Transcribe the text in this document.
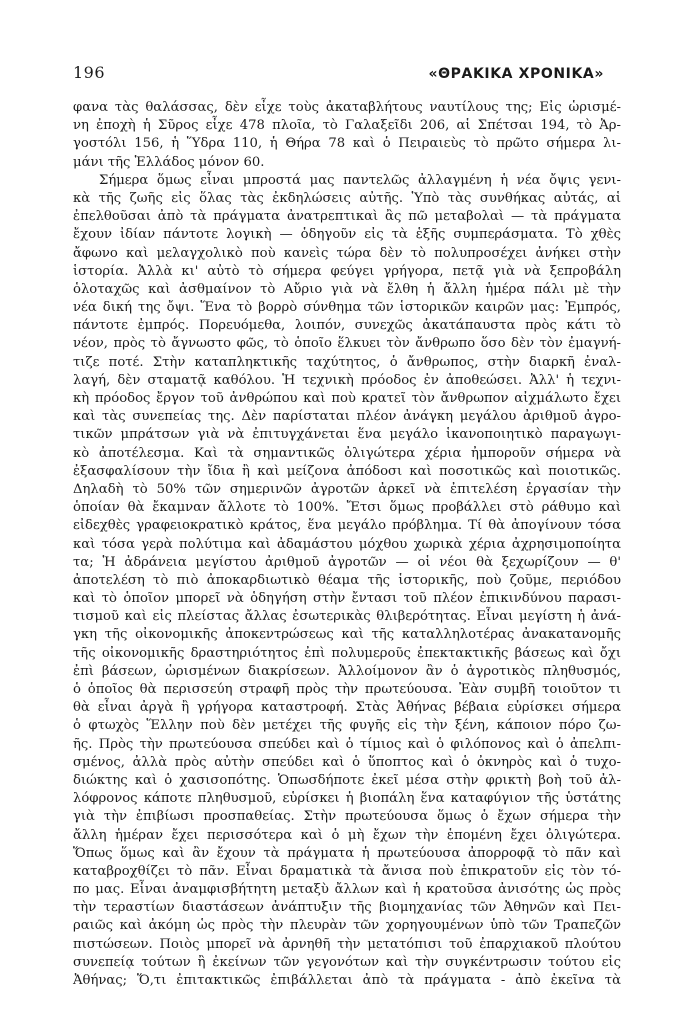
196	«ΘΡΑΚΙΚΑ ΧΡΟΝΙΚΑ»
φανα τὰς θαλάσσας, δὲν εἶχε τοὺς ἀκαταβλήτους ναυτίλους της; Εἰς ὡρισμέ-
νη ἐποχὴ ἡ Σῦρος εἶχε 478 πλοῖα, τὸ Γαλαξεῖδι 206, αἱ Σπέτσαι 194, τὸ Ἀρ-
γοστόλι 156, ἡ Ὕδρα 110, ἡ Θήρα 78 καὶ ὁ Πειραιεὺς τὸ πρῶτο σήμερα λι-
μάνι τῆς Ἑλλάδος μόνον 60.
Σήμερα ὅμως εἶναι μπροστά μας παντελῶς ἀλλαγμένη ἡ νέα ὄψις γενι-
κὰ τῆς ζωῆς εἰς ὅλας τὰς ἐκδηλώσεις αὐτῆς. Ὑπὸ τὰς συνθήκας αὐτάς, αἱ
ἐπελθοῦσαι ἀπὸ τὰ πράγματα ἀνατρεπτικαὶ ἂς πῶ μεταβολαὶ — τὰ πράγματα
ἔχουν ἰδίαν πάντοτε λογικὴ — ὁδηγοῦν εἰς τὰ ἑξῆς συμπεράσματα. Τὸ χθὲς
ἄφωνο καὶ μελαγχολικὸ ποὺ κανεὶς τώρα δὲν τὸ πολυπροσέχει ἀνήκει στὴν
ἱστορία. Ἀλλὰ κι' αὐτὸ τὸ σήμερα φεύγει γρήγορα, πετᾷ γιὰ νὰ ξεπροβάλη
ὁλοταχῶς καὶ ἀσθμαίνον τὸ Αὔριο γιὰ νὰ ἔλθη ἡ ἄλλη ἡμέρα πάλι μὲ τὴν
νέα δική της ὄψι. Ἕνα τὸ βορρὸ σύνθημα τῶν ἱστορικῶν καιρῶν μας: Ἐμπρός,
πάντοτε ἐμπρός. Πορευόμεθα, λοιπόν, συνεχῶς ἀκατάπαυστα πρὸς κάτι τὸ
νέον, πρὸς τὸ ἄγνωστο φῶς, τὸ ὁποῖο ἕλκυει τὸν ἄνθρωπο ὅσο δὲν τὸν ἐμαγνή-
τιζε ποτέ. Στὴν καταπληκτικῆς ταχύτητος, ὁ ἄνθρωπος, στὴν διαρκῆ ἐναλ-
λαγή, δὲν σταματᾷ καθόλου. Ἡ τεχνικὴ πρόοδος ἐν ἀποθεώσει. Ἀλλ' ἡ τεχνι-
κὴ πρόοδος ἔργον τοῦ ἀνθρώπου καὶ ποὺ κρατεῖ τὸν ἄνθρωπον αἰχμάλωτο ἔχει
καὶ τὰς συνεπείας της. Δὲν παρίσταται πλέον ἀνάγκη μεγάλου ἀριθμοῦ ἀγρο-
τικῶν μπράτσων γιὰ νὰ ἐπιτυγχάνεται ἕνα μεγάλο ἱκανοποιητικὸ παραγωγι-
κὸ ἀποτέλεσμα. Καὶ τὰ σημαντικῶς ὀλιγώτερα χέρια ἠμποροῦν σήμερα νὰ
ἐξασφαλίσουν τὴν ἴδια ἢ καὶ μείζονα ἀπόδοσι καὶ ποσοτικῶς καὶ ποιοτικῶς.
Δηλαδὴ τὸ 50% τῶν σημερινῶν ἀγροτῶν ἀρκεῖ νὰ ἐπιτελέση ἐργασίαν τὴν
ὁποίαν θὰ ἔκαμναν ἄλλοτε τὸ 100%. Ἔτσι ὅμως προβάλλει στὸ ράθυμο καὶ
εἰδεχθὲς γραφειοκρατικὸ κράτος, ἕνα μεγάλο πρόβλημα. Τί θὰ ἀπογίνουν τόσα
καὶ τόσα γερὰ πολύτιμα καὶ ἀδαμάστου μόχθου χωρικὰ χέρια ἀχρησιμοποίητα
τα; Ἡ ἀδράνεια μεγίστου ἀριθμοῦ ἀγροτῶν — οἱ νέοι θὰ ξεχωρίζουν — θ'
ἀποτελέση τὸ πιὸ ἀποκαρδιωτικὸ θέαμα τῆς ἱστορικῆς, ποὺ ζοῦμε, περιόδου
καὶ τὸ ὁποῖον μπορεῖ νὰ ὁδηγήση στὴν ἔντασι τοῦ πλέον ἐπικινδύνου παρασι-
τισμοῦ καὶ εἰς πλείστας ἄλλας ἐσωτερικὰς θλιβερότητας. Εἶναι μεγίστη ἡ ἀνά-
γκη τῆς οἰκονομικῆς ἀποκεντρώσεως καὶ τῆς καταλληλοτέρας ἀνακατανομῆς
τῆς οἰκονομικῆς δραστηριότητος ἐπὶ πολυμεροῦς ἐπεκτακτικῆς βάσεως καὶ ὄχι
ἐπὶ βάσεων, ὡρισμένων διακρίσεων. Ἀλλοίμονον ἂν ὁ ἀγροτικὸς πληθυσμός,
ὁ ὁποῖος θὰ περισσεύη στραφῆ πρὸς τὴν πρωτεύουσα. Ἐὰν συμβῆ τοιοῦτον τι
θὰ εἶναι ἀργὰ ἢ γρήγορα καταστροφή. Στὰς Ἀθήνας βέβαια εὑρίσκει σήμερα
ὁ φτωχὸς Ἕλλην ποὺ δὲν μετέχει τῆς φυγῆς εἰς τὴν ξένη, κάποιον πόρο ζω-
ῆς. Πρὸς τὴν πρωτεύουσα σπεύδει καὶ ὁ τίμιος καὶ ὁ φιλόπονος καὶ ὁ ἀπελπι-
σμένος, ἀλλὰ πρὸς αὐτὴν σπεύδει καὶ ὁ ὕποπτος καὶ ὁ ὀκνηρὸς καὶ ὁ τυχο-
διώκτης καὶ ὁ χασισοπότης. Ὁπωσδήποτε ἐκεῖ μέσα στὴν φρικτὴ βοὴ τοῦ ἀλ-
λόφρονος κάποτε πληθυσμοῦ, εὑρίσκει ἡ βιοπάλη ἕνα καταφύγιον τῆς ὑστάτης
γιὰ τὴν ἐπιβίωσι προσπαθείας. Στὴν πρωτεύουσα ὅμως ὁ ἔχων σήμερα τὴν
ἄλλη ἡμέραν ἔχει περισσότερα καὶ ὁ μὴ ἔχων τὴν ἑπομένη ἔχει ὀλιγώτερα.
Ὅπως ὅμως καὶ ἂν ἔχουν τὰ πράγματα ἡ πρωτεύουσα ἀπορροφᾷ τὸ πᾶν καὶ
καταβροχθίζει τὸ πᾶν. Εἶναι δραματικὰ τὰ ἄνισα ποὺ ἐπικρατοῦν εἰς τὸν τό-
πο μας. Εἶναι ἀναμφισβήτητη μεταξὺ ἄλλων καὶ ἡ κρατοῦσα ἀνισότης ὡς πρὸς
τὴν τεραστίων διαστάσεων ἀνάπτυξιν τῆς βιομηχανίας τῶν Ἀθηνῶν καὶ Πει-
ραιῶς καὶ ἀκόμη ὡς πρὸς τὴν πλευρὰν τῶν χορηγουμένων ὑπὸ τῶν Τραπεζῶν
πιστώσεων. Ποιὸς μπορεῖ νὰ ἀρνηθῆ τὴν μετατόπισι τοῦ ἐπαρχιακοῦ πλούτου
συνεπείᾳ τούτων ἢ ἐκείνων τῶν γεγονότων καὶ τὴν συγκέντρωσιν τούτου εἰς
Ἀθήνας; Ὅ,τι ἐπιτακτικῶς ἐπιβάλλεται ἀπὸ τὰ πράγματα - ἀπὸ ἐκεῖνα τὰ
